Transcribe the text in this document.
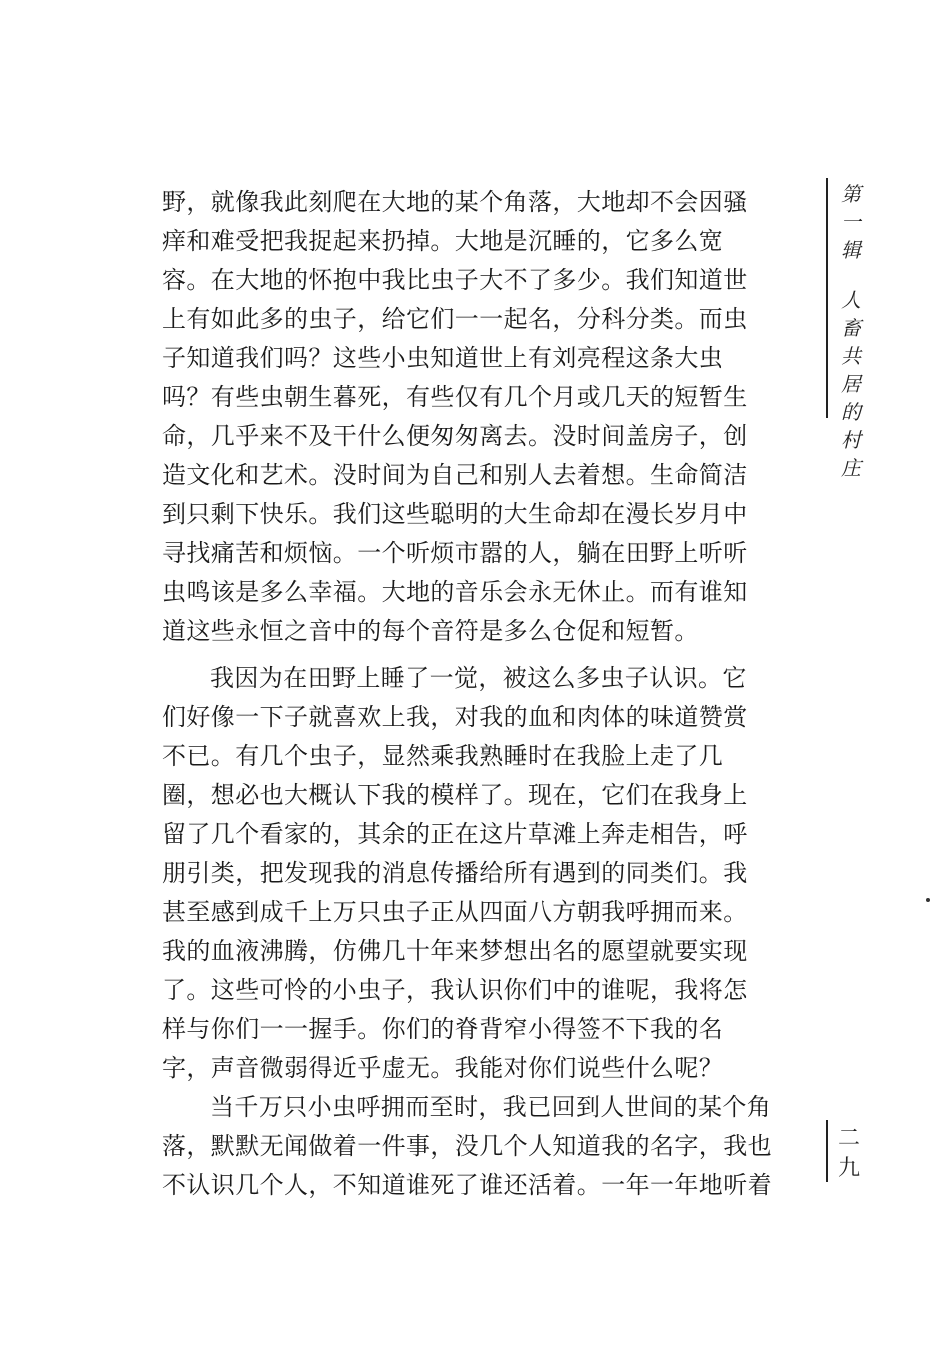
野，就像我此刻爬在大地的某个角落，大地却不会因骚
痒和难受把我捉起来扔掉。大地是沉睡的，它多么宽
容。在大地的怀抱中我比虫子大不了多少。我们知道世
上有如此多的虫子，给它们一一起名，分科分类。而虫
子知道我们吗？这些小虫知道世上有刘亮程这条大虫
吗？有些虫朝生暮死，有些仅有几个月或几天的短暂生
命，几乎来不及干什么便匆匆离去。没时间盖房子，创
造文化和艺术。没时间为自己和别人去着想。生命简洁
到只剩下快乐。我们这些聪明的大生命却在漫长岁月中
寻找痛苦和烦恼。一个听烦市嚣的人，躺在田野上听听
虫鸣该是多么幸福。大地的音乐会永无休止。而有谁知
道这些永恒之音中的每个音符是多么仓促和短暂。
我因为在田野上睡了一觉，被这么多虫子认识。它
们好像一下子就喜欢上我，对我的血和肉体的味道赞赏
不已。有几个虫子，显然乘我熟睡时在我脸上走了几
圈，想必也大概认下我的模样了。现在，它们在我身上
留了几个看家的，其余的正在这片草滩上奔走相告，呼
朋引类，把发现我的消息传播给所有遇到的同类们。我
甚至感到成千上万只虫子正从四面八方朝我呼拥而来。
我的血液沸腾，仿佛几十年来梦想出名的愿望就要实现
了。这些可怜的小虫子，我认识你们中的谁呢，我将怎
样与你们一一握手。你们的脊背窄小得签不下我的名
字，声音微弱得近乎虚无。我能对你们说些什么呢？
当千万只小虫呼拥而至时，我已回到人世间的某个角
落，默默无闻做着一件事，没几个人知道我的名字，我也
不认识几个人，不知道谁死了谁还活着。一年一年地听着
第
一
辑
人
畜
共
居
的
村
庄
二
九
